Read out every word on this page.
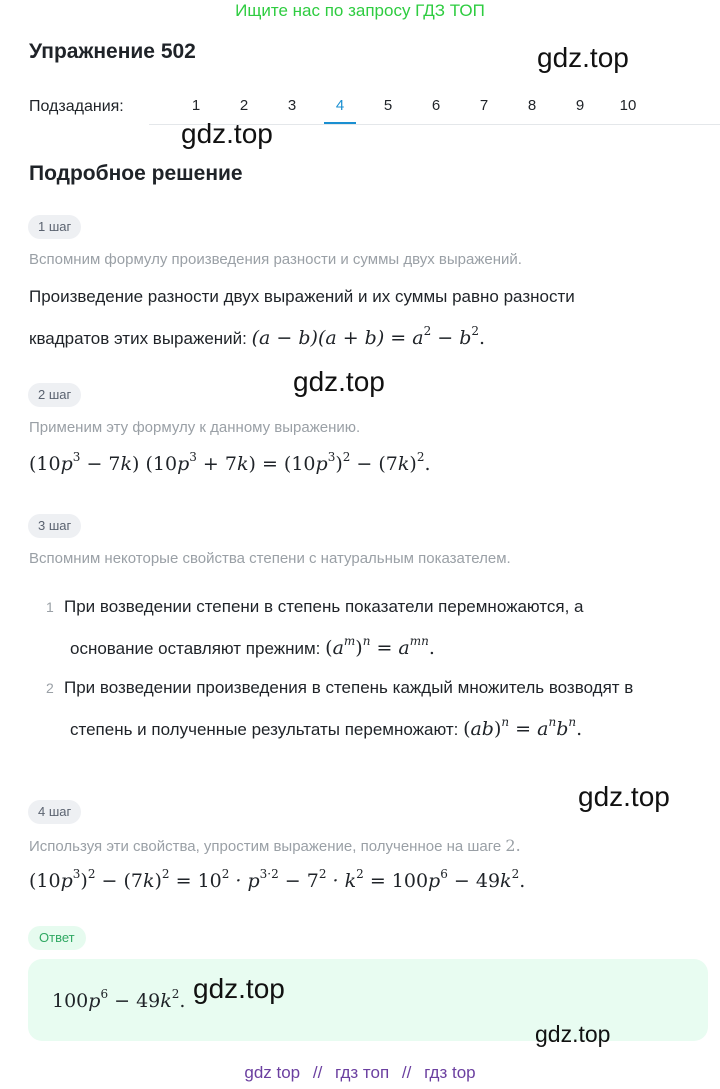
Ищите нас по запросу ГДЗ ТОП
Упражнение 502	gdz.top
Подзадания:	1	2	3	4	5	6	7	8	9	10
gdz.top
Подробное решение
1 шаг
Вспомним формулу произведения разности и суммы двух выражений.
Произведение разности двух выражений и их суммы равно разности
квадратов этих выражений: $(a - b)(a + b) = a^2 - b^2$.
gdz.top
2 шаг
Применим эту формулу к данному выражению.
$(10p^3 - 7k) (10p^3 + 7k) = (10p^3)^2 - (7k)^2$.
3 шаг
Вспомним некоторые свойства степени с натуральным показателем.
1 При возведении степени в степень показатели перемножаются, а
основание оставляют прежним: $(a^m)^n = a^{mn}$.
2 При возведении произведения в степень каждый множитель возводят в
степень и полученные результаты перемножают: $(ab)^n = a^nb^n$.
gdz.top
4 шаг
Используя эти свойства, упростим выражение, полученное на шаге 2.
$(10p^3)^2 - (7k)^2 = 10^2 \cdot p^{3\cdot 2} - 7^2 \cdot k^2 = 100p^6 - 49k^2$.
Ответ
$100p^6 - 49k^2$. gdz.top
gdz.top
gdz top // гдз топ // гдз top
